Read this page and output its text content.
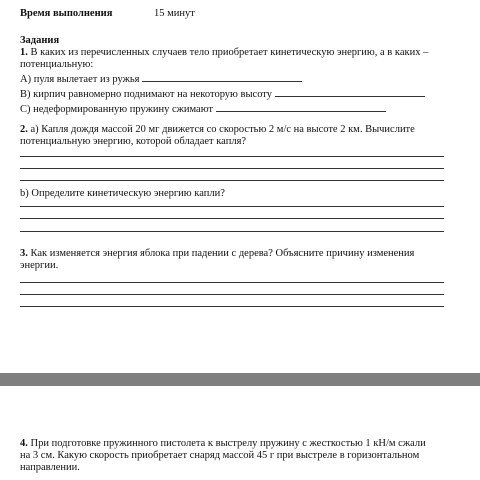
Время выполнения	15 минут
Задания
1. В каких из перечисленных случаев тело приобретает кинетическую энергию, а в каких –
потенциальную:
А) пуля вылетает из ружья
В) кирпич равномерно поднимают на некоторую высоту
С) недеформированную пружину сжимают
2. а) Капля дождя массой 20 мг движется со скоростью 2 м/с на высоте 2 км. Вычислите
потенциальную энергию, которой обладает капля?
b) Определите кинетическую энергию капли?
3. Как изменяется энергия яблока при падении с дерева? Объясните причину изменения
энергии.
4. При подготовке пружинного пистолета к выстрелу пружину с жесткостью 1 кН/м сжали
на 3 см. Какую скорость приобретает снаряд массой 45 г при выстреле в горизонтальном
направлении.
